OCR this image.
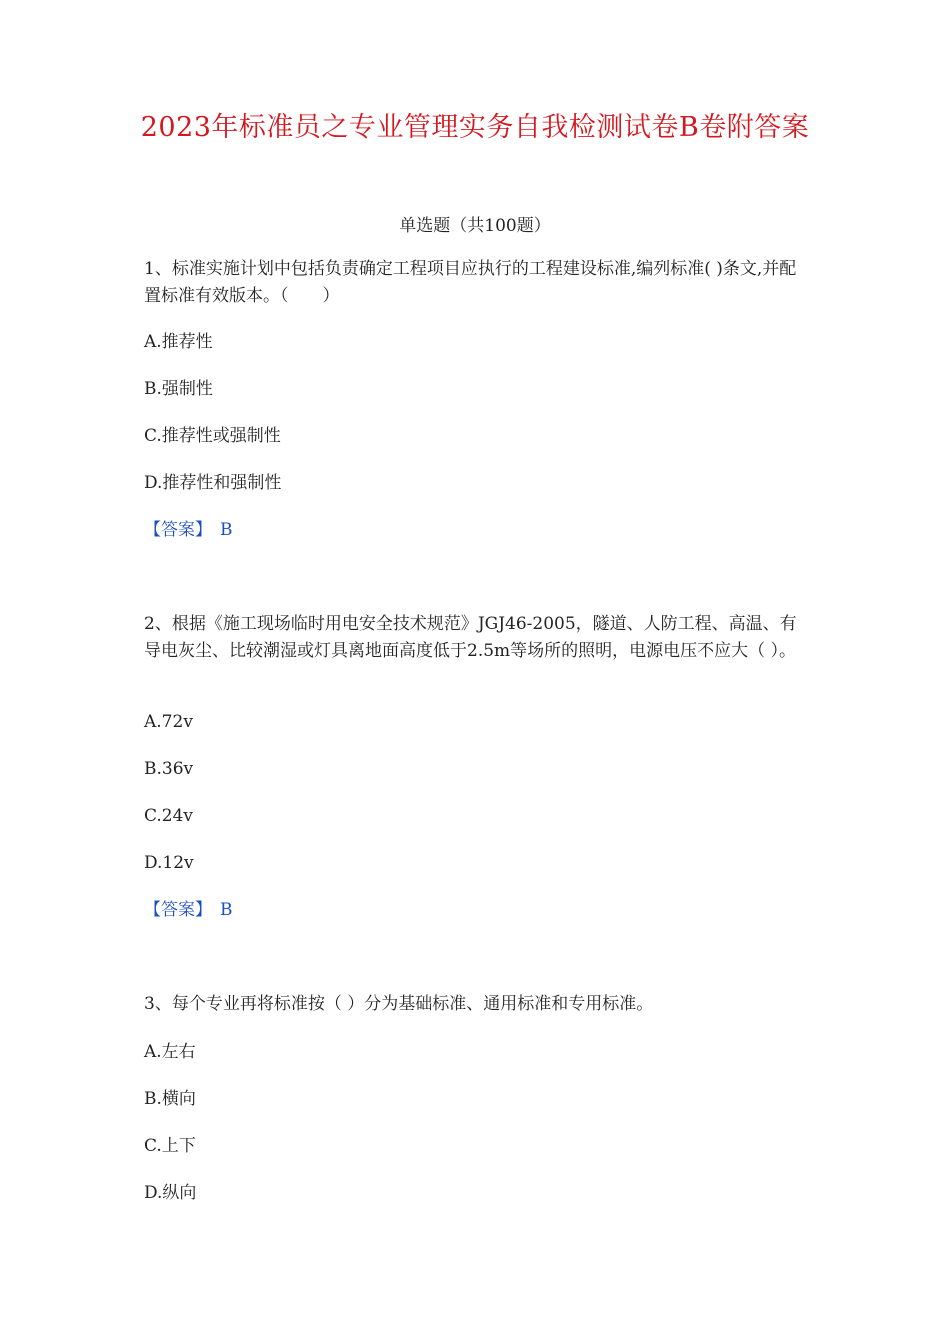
2023年标准员之专业管理实务自我检测试卷B卷附答案
单选题（共100题）
1、标准实施计划中包括负责确定工程项目应执行的工程建设标准,编列标准( )条文,并配置标准有效版本。（　　）
A.推荐性
B.强制性
C.推荐性或强制性
D.推荐性和强制性
【答案】 B
2、根据《施工现场临时用电安全技术规范》JGJ46-2005，隧道、人防工程、高温、有导电灰尘、比较潮湿或灯具离地面高度低于2.5m等场所的照明，电源电压不应大（ ）。
A.72v
B.36v
C.24v
D.12v
【答案】 B
3、每个专业再将标准按（ ）分为基础标准、通用标准和专用标准。
A.左右
B.横向
C.上下
D.纵向
